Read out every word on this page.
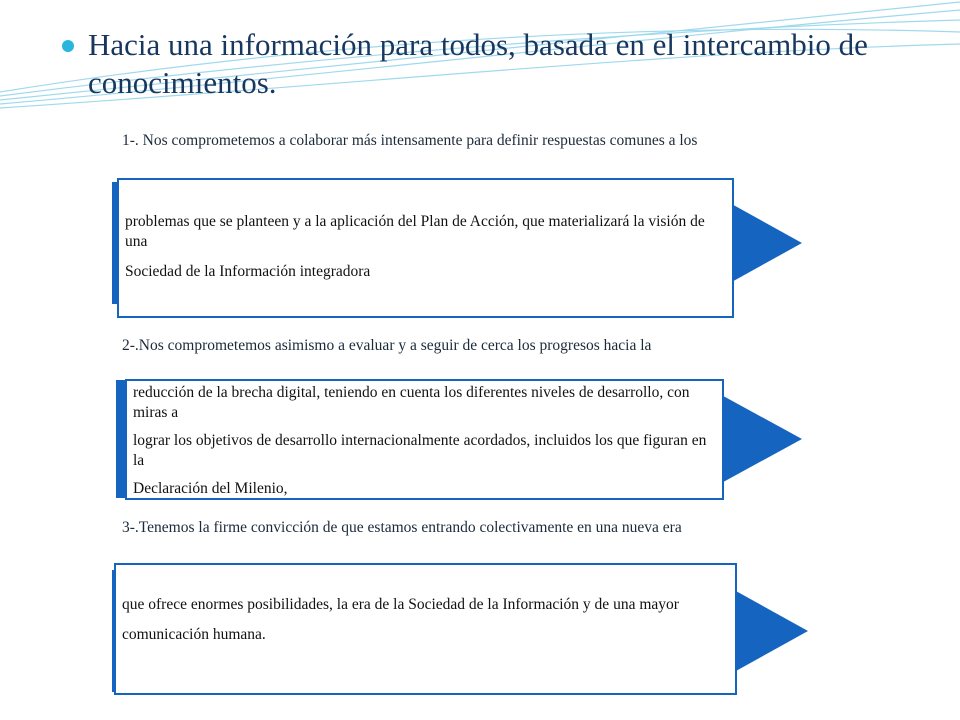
Hacia una información para todos, basada en el intercambio de conocimientos.
1-. Nos comprometemos a colaborar más intensamente para definir respuestas comunes a los

problemas que se planteen y a la aplicación del Plan de Acción, que materializará la visión de una

Sociedad de la Información integradora

2-.Nos comprometemos asimismo a evaluar y a seguir de cerca los progresos hacia la

reducción de la brecha digital, teniendo en cuenta los diferentes niveles de desarrollo, con miras a

lograr los objetivos de desarrollo internacionalmente acordados, incluidos los que figuran en la

Declaración del Milenio,

3-.Tenemos la firme convicción de que estamos entrando colectivamente en una nueva era

que ofrece enormes posibilidades, la era de la Sociedad de la Información y de una mayor

comunicación humana.
